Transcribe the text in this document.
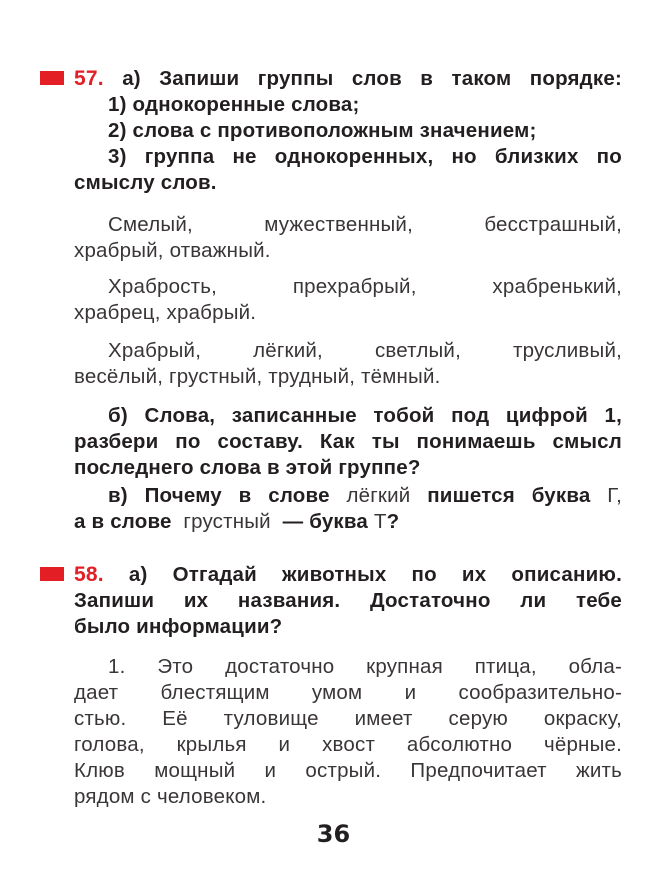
57. а) Запиши группы слов в таком порядке:
1) однокоренные слова;
2) слова с противоположным значением;
3) группа не однокоренных, но близких по
смыслу слов.
Смелый, мужественный, бесстрашный,
храбрый, отважный.
Храбрость, прехрабрый, храбренький,
храбрец, храбрый.
Храбрый, лёгкий, светлый, трусливый,
весёлый, грустный, трудный, тёмный.
б) Слова, записанные тобой под цифрой 1,
разбери по составу. Как ты понимаешь смысл
последнего слова в этой группе?
в) Почему в слове лёгкий пишется буква Г,
а в слове грустный — буква Т?
58. а) Отгадай животных по их описанию.
Запиши их названия. Достаточно ли тебе
было информации?
1. Это достаточно крупная птица, обла-
дает блестящим умом и сообразительно-
стью. Её туловище имеет серую окраску,
голова, крылья и хвост абсолютно чёрные.
Клюв мощный и острый. Предпочитает жить
рядом с человеком.
36
